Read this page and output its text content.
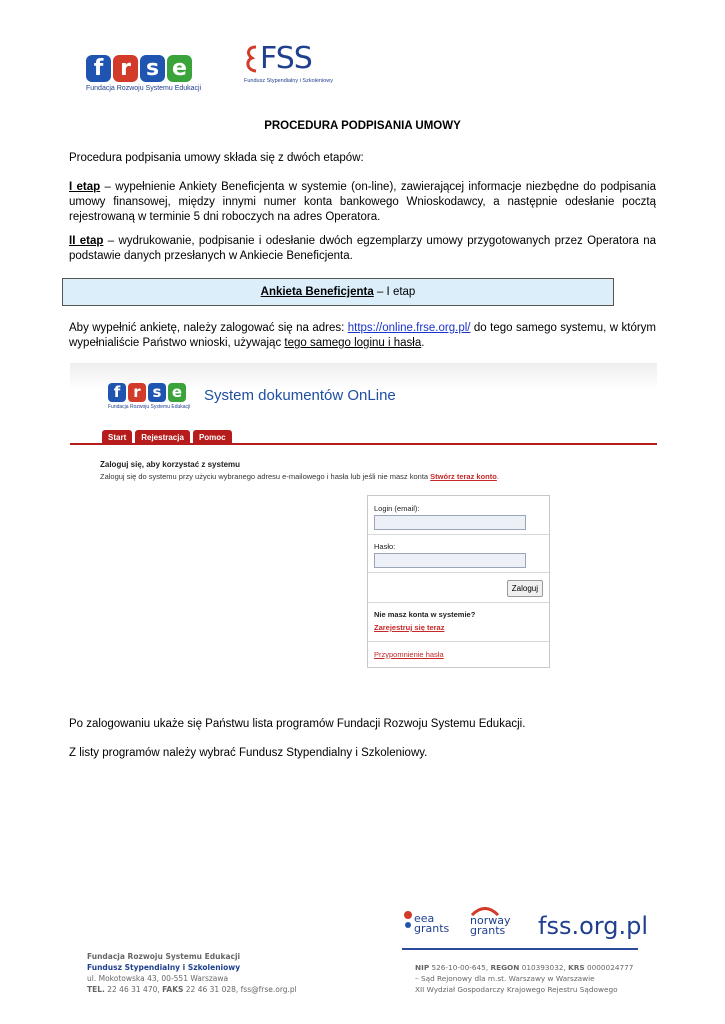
f r s e
Fundacja Rozwoju Systemu Edukacji
FSS
Fundusz Stypendialny i Szkoleniowy
PROCEDURA PODPISANIA UMOWY
Procedura podpisania umowy składa się z dwóch etapów:
I etap – wypełnienie Ankiety Beneficjenta w systemie (on-line), zawierającej informacje niezbędne do podpisania umowy finansowej, między innymi numer konta bankowego Wnioskodawcy, a następnie odesłanie pocztą rejestrowaną w terminie 5 dni roboczych na adres Operatora.
II etap – wydrukowanie, podpisanie i odesłanie dwóch egzemplarzy umowy przygotowanych przez Operatora na podstawie danych przesłanych w Ankiecie Beneficjenta.
Ankieta Beneficjenta
– I etap
Aby wypełnić ankietę, należy zalogować się na adres: https://online.frse.org.pl/ do tego samego systemu, w którym wypełnialiście Państwo wnioski, używając tego samego loginu i hasła.
f r s e
Fundacja Rozwoju Systemu Edukacji
System dokumentów OnLine
Start	Rejestracja	Pomoc
Zaloguj się, aby korzystać z systemu
Zaloguj się do systemu przy użyciu wybranego adresu e-mailowego i hasła lub jeśli nie masz konta Stwórz teraz konto.
Login (email):
Hasło:
Zaloguj
Nie masz konta w systemie?
Zarejestruj się teraz
Przypomnienie hasła
Po zalogowaniu ukaże się Państwu lista programów Fundacji Rozwoju Systemu Edukacji.
Z listy programów należy wybrać Fundusz Stypendialny i Szkoleniowy.
eea grants
norway grants	fss.org.pl
Fundacja Rozwoju Systemu Edukacji
Fundusz Stypendialny i Szkoleniowy
ul. Mokotowska 43, 00-551 Warszawa
TEL. 22 46 31 470, FAKS 22 46 31 028, fss@frse.org.pl
NIP 526-10-00-645, REGON 010393032, KRS 0000024777
– Sąd Rejonowy dla m.st. Warszawy w Warszawie
XII Wydział Gospodarczy Krajowego Rejestru Sądowego
